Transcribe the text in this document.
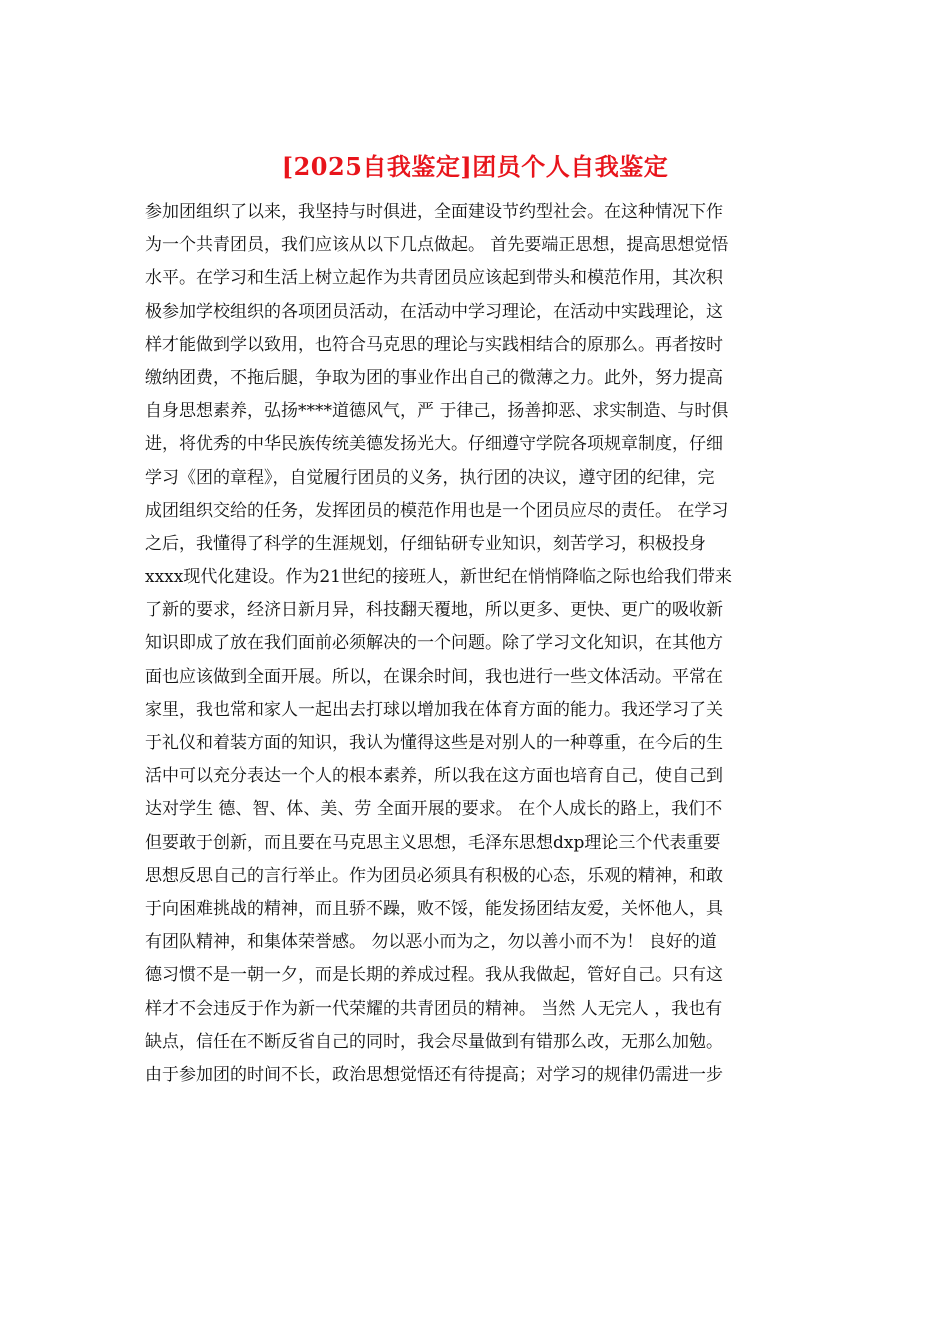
[2025自我鉴定]团员个人自我鉴定
参加团组织了以来，我坚持与时俱进，全面建设节约型社会。在这种情况下作
为一个共青团员，我们应该从以下几点做起。 首先要端正思想，提高思想觉悟
水平。在学习和生活上树立起作为共青团员应该起到带头和模范作用，其次积
极参加学校组织的各项团员活动，在活动中学习理论，在活动中实践理论，这
样才能做到学以致用，也符合马克思的理论与实践相结合的原那么。再者按时
缴纳团费，不拖后腿，争取为团的事业作出自己的微薄之力。此外，努力提高
自身思想素养，弘扬****道德风气，严 于律己，扬善抑恶、求实制造、与时俱
进，将优秀的中华民族传统美德发扬光大。仔细遵守学院各项规章制度，仔细
学习《团的章程》，自觉履行团员的义务，执行团的决议，遵守团的纪律，完
成团组织交给的任务，发挥团员的模范作用也是一个团员应尽的责任。 在学习
之后，我懂得了科学的生涯规划，仔细钻研专业知识，刻苦学习，积极投身
xxxx现代化建设。作为21世纪的接班人，新世纪在悄悄降临之际也给我们带来
了新的要求，经济日新月异，科技翻天覆地，所以更多、更快、更广的吸收新
知识即成了放在我们面前必须解决的一个问题。除了学习文化知识，在其他方
面也应该做到全面开展。所以，在课余时间，我也进行一些文体活动。平常在
家里，我也常和家人一起出去打球以增加我在体育方面的能力。我还学习了关
于礼仪和着装方面的知识，我认为懂得这些是对别人的一种尊重，在今后的生
活中可以充分表达一个人的根本素养，所以我在这方面也培育自己，使自己到
达对学生 德、智、体、美、劳 全面开展的要求。 在个人成长的路上，我们不
但要敢于创新，而且要在马克思主义思想，毛泽东思想dxp理论三个代表重要
思想反思自己的言行举止。作为团员必须具有积极的心态，乐观的精神，和敢
于向困难挑战的精神，而且骄不躁，败不馁，能发扬团结友爱，关怀他人，具
有团队精神，和集体荣誉感。 勿以恶小而为之，勿以善小而不为！ 良好的道
德习惯不是一朝一夕，而是长期的养成过程。我从我做起，管好自己。只有这
样才不会违反于作为新一代荣耀的共青团员的精神。 当然 人无完人 ，我也有
缺点，信任在不断反省自己的同时，我会尽量做到有错那么改，无那么加勉。
由于参加团的时间不长，政治思想觉悟还有待提高；对学习的规律仍需进一步
